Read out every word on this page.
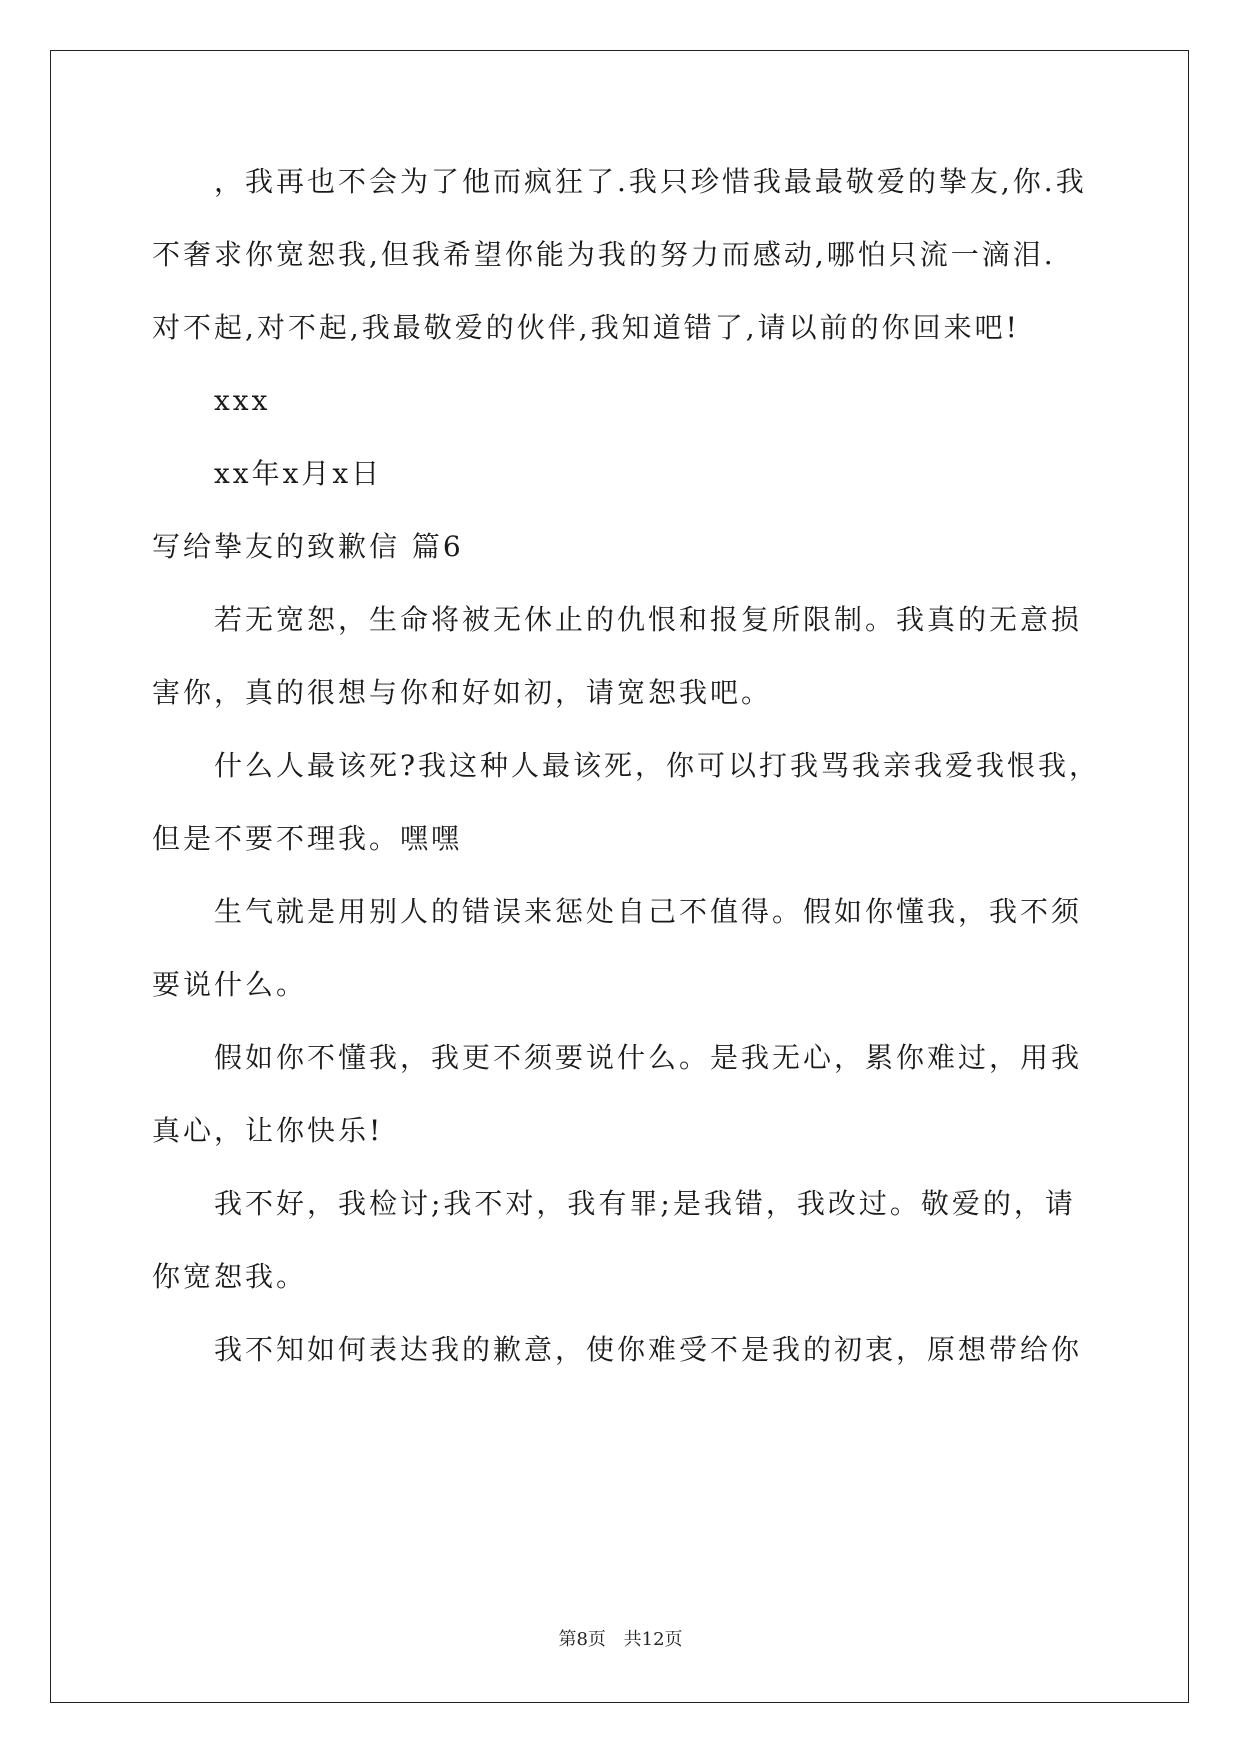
，我再也不会为了他而疯狂了.我只珍惜我最最敬爱的挚友,你.我
不奢求你宽恕我,但我希望你能为我的努力而感动,哪怕只流一滴泪.
对不起,对不起,我最敬爱的伙伴,我知道错了,请以前的你回来吧!
xxx
xx年x月x日
写给挚友的致歉信 篇6
若无宽恕，生命将被无休止的仇恨和报复所限制。我真的无意损
害你，真的很想与你和好如初，请宽恕我吧。
什么人最该死?我这种人最该死，你可以打我骂我亲我爱我恨我，
但是不要不理我。嘿嘿
生气就是用别人的错误来惩处自己不值得。假如你懂我，我不须
要说什么。
假如你不懂我，我更不须要说什么。是我无心，累你难过，用我
真心，让你快乐!
我不好，我检讨;我不对，我有罪;是我错，我改过。敬爱的，请
你宽恕我。
我不知如何表达我的歉意，使你难受不是我的初衷，原想带给你
第8页 共12页
